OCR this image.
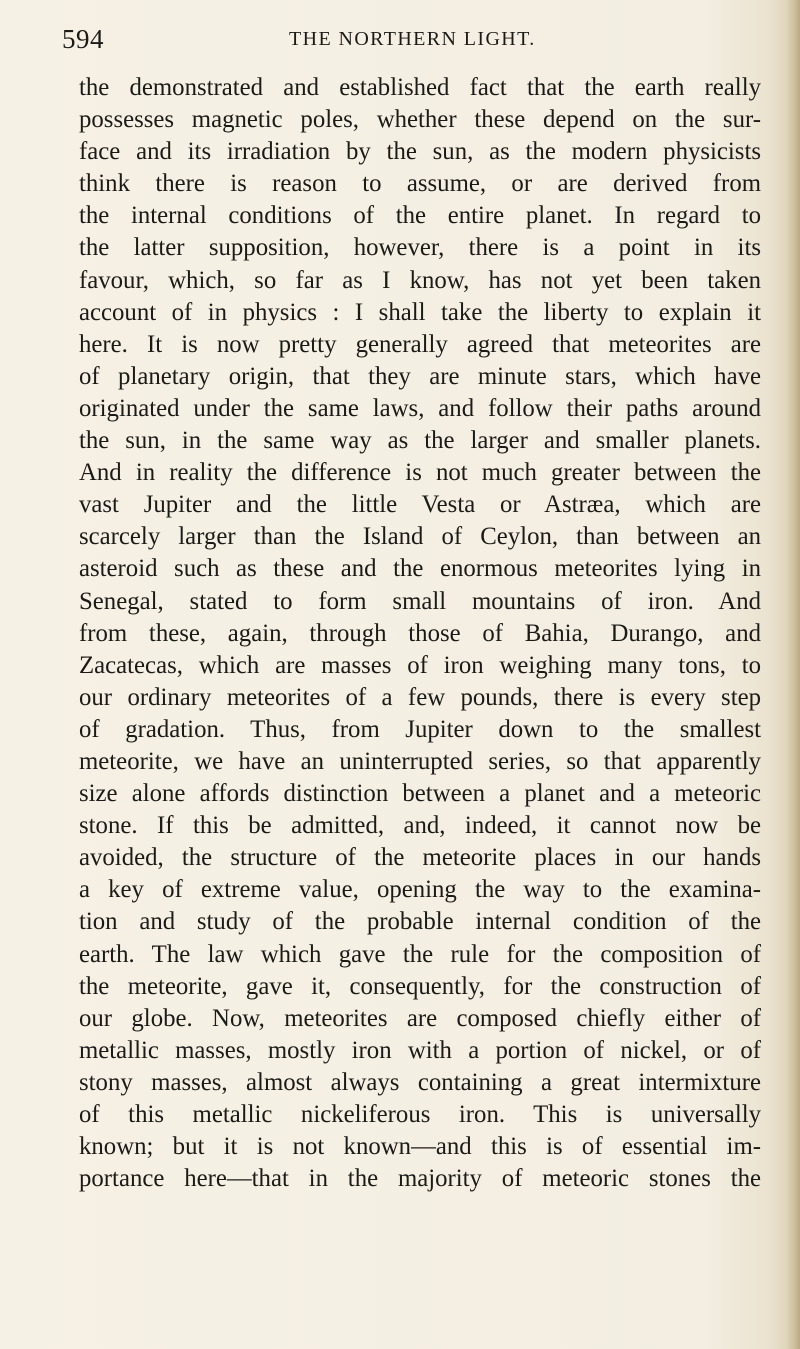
594	THE NORTHERN LIGHT.
the demonstrated and established fact that the earth really
possesses magnetic poles, whether these depend on the sur-
face and its irradiation by the sun, as the modern physicists
think there is reason to assume, or are derived from
the internal conditions of the entire planet. In regard to
the latter supposition, however, there is a point in its
favour, which, so far as I know, has not yet been taken
account of in physics : I shall take the liberty to explain it
here. It is now pretty generally agreed that meteorites are
of planetary origin, that they are minute stars, which have
originated under the same laws, and follow their paths around
the sun, in the same way as the larger and smaller planets.
And in reality the difference is not much greater between the
vast Jupiter and the little Vesta or Astræa, which are
scarcely larger than the Island of Ceylon, than between an
asteroid such as these and the enormous meteorites lying in
Senegal, stated to form small mountains of iron. And
from these, again, through those of Bahia, Durango, and
Zacatecas, which are masses of iron weighing many tons, to
our ordinary meteorites of a few pounds, there is every step
of gradation. Thus, from Jupiter down to the smallest
meteorite, we have an uninterrupted series, so that apparently
size alone affords distinction between a planet and a meteoric
stone. If this be admitted, and, indeed, it cannot now be
avoided, the structure of the meteorite places in our hands
a key of extreme value, opening the way to the examina-
tion and study of the probable internal condition of the
earth. The law which gave the rule for the composition of
the meteorite, gave it, consequently, for the construction of
our globe. Now, meteorites are composed chiefly either of
metallic masses, mostly iron with a portion of nickel, or of
stony masses, almost always containing a great intermixture
of this metallic nickeliferous iron. This is universally
known; but it is not known—and this is of essential im-
portance here—that in the majority of meteoric stones the
